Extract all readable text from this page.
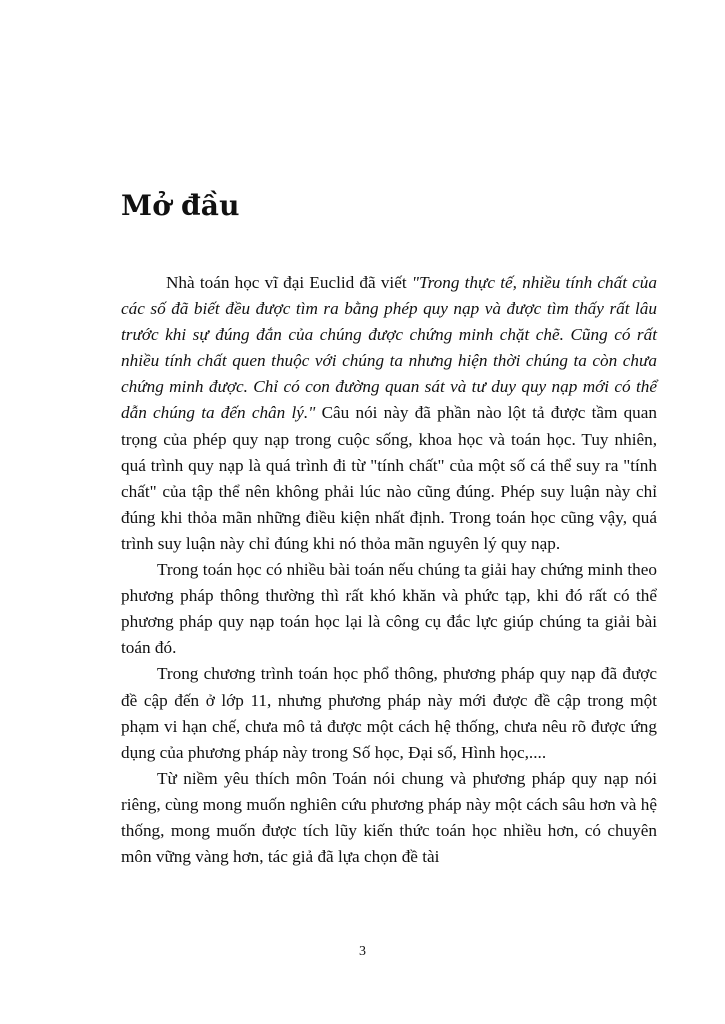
Mở đầu

Nhà toán học vĩ đại Euclid đã viết "Trong thực tế, nhiều tính chất của các số đã biết đều được tìm ra bằng phép quy nạp và được tìm thấy rất lâu trước khi sự đúng đắn của chúng được chứng minh chặt chẽ. Cũng có rất nhiều tính chất quen thuộc với chúng ta nhưng hiện thời chúng ta còn chưa chứng minh được. Chỉ có con đường quan sát và tư duy quy nạp mới có thể dẫn chúng ta đến chân lý." Câu nói này đã phần nào lột tả được tầm quan trọng của phép quy nạp trong cuộc sống, khoa học và toán học. Tuy nhiên, quá trình quy nạp là quá trình đi từ "tính chất" của một số cá thể suy ra "tính chất" của tập thể nên không phải lúc nào cũng đúng. Phép suy luận này chỉ đúng khi thỏa mãn những điều kiện nhất định. Trong toán học cũng vậy, quá trình suy luận này chỉ đúng khi nó thỏa mãn nguyên lý quy nạp.

Trong toán học có nhiều bài toán nếu chúng ta giải hay chứng minh theo phương pháp thông thường thì rất khó khăn và phức tạp, khi đó rất có thể phương pháp quy nạp toán học lại là công cụ đắc lực giúp chúng ta giải bài toán đó.

Trong chương trình toán học phổ thông, phương pháp quy nạp đã được đề cập đến ở lớp 11, nhưng phương pháp này mới được đề cập trong một phạm vi hạn chế, chưa mô tả được một cách hệ thống, chưa nêu rõ được ứng dụng của phương pháp này trong Số học, Đại số, Hình học,....

Từ niềm yêu thích môn Toán nói chung và phương pháp quy nạp nói riêng, cùng mong muốn nghiên cứu phương pháp này một cách sâu hơn và hệ thống, mong muốn được tích lũy kiến thức toán học nhiều hơn, có chuyên môn vững vàng hơn, tác giả đã lựa chọn đề tài

3
